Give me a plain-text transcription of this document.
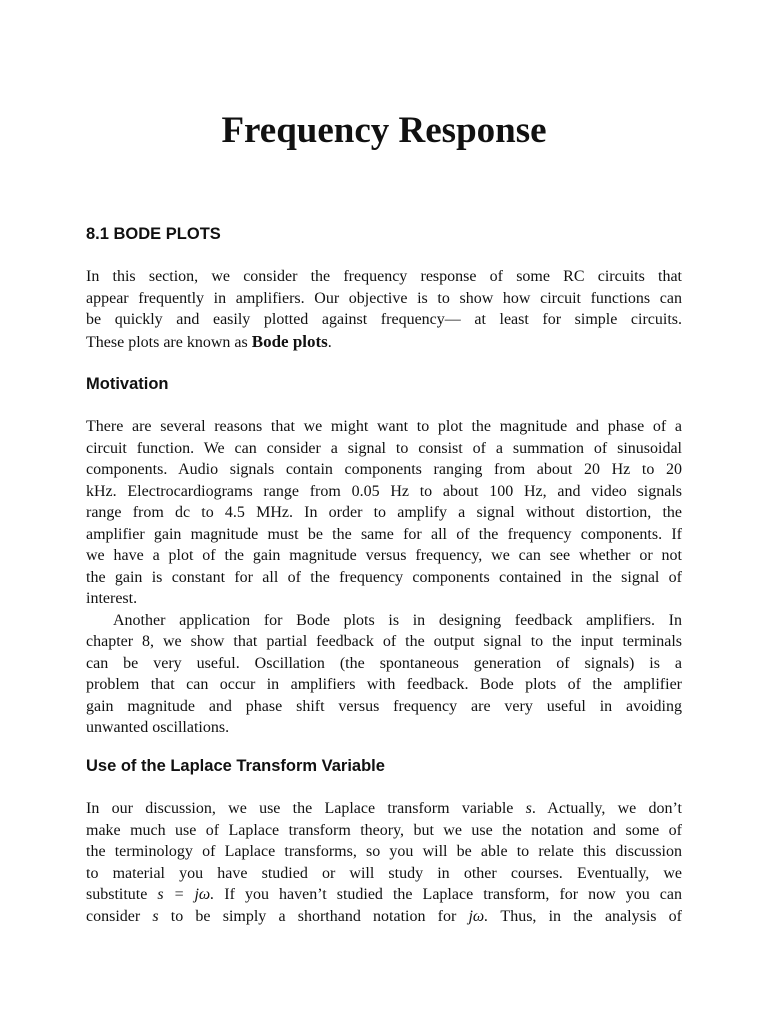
Frequency Response
8.1 BODE PLOTS
In this section, we consider the frequency response of some RC circuits that
appear frequently in amplifiers. Our objective is to show how circuit functions can
be quickly and easily plotted against frequency— at least for simple circuits.
These plots are known as Bode plots.
Motivation
There are several reasons that we might want to plot the magnitude and phase of a
circuit function. We can consider a signal to consist of a summation of sinusoidal
components. Audio signals contain components ranging from about 20 Hz to 20
kHz. Electrocardiograms range from 0.05 Hz to about 100 Hz, and video signals
range from dc to 4.5 MHz. In order to amplify a signal without distortion, the
amplifier gain magnitude must be the same for all of the frequency components. If
we have a plot of the gain magnitude versus frequency, we can see whether or not
the gain is constant for all of the frequency components contained in the signal of
interest.
Another application for Bode plots is in designing feedback amplifiers. In
chapter 8, we show that partial feedback of the output signal to the input terminals
can be very useful. Oscillation (the spontaneous generation of signals) is a
problem that can occur in amplifiers with feedback. Bode plots of the amplifier
gain magnitude and phase shift versus frequency are very useful in avoiding
unwanted oscillations.
Use of the Laplace Transform Variable
In our discussion, we use the Laplace transform variable s. Actually, we don’t
make much use of Laplace transform theory, but we use the notation and some of
the terminology of Laplace transforms, so you will be able to relate this discussion
to material you have studied or will study in other courses. Eventually, we
substitute s = jω. If you haven’t studied the Laplace transform, for now you can
consider s to be simply a shorthand notation for jω. Thus, in the analysis of
